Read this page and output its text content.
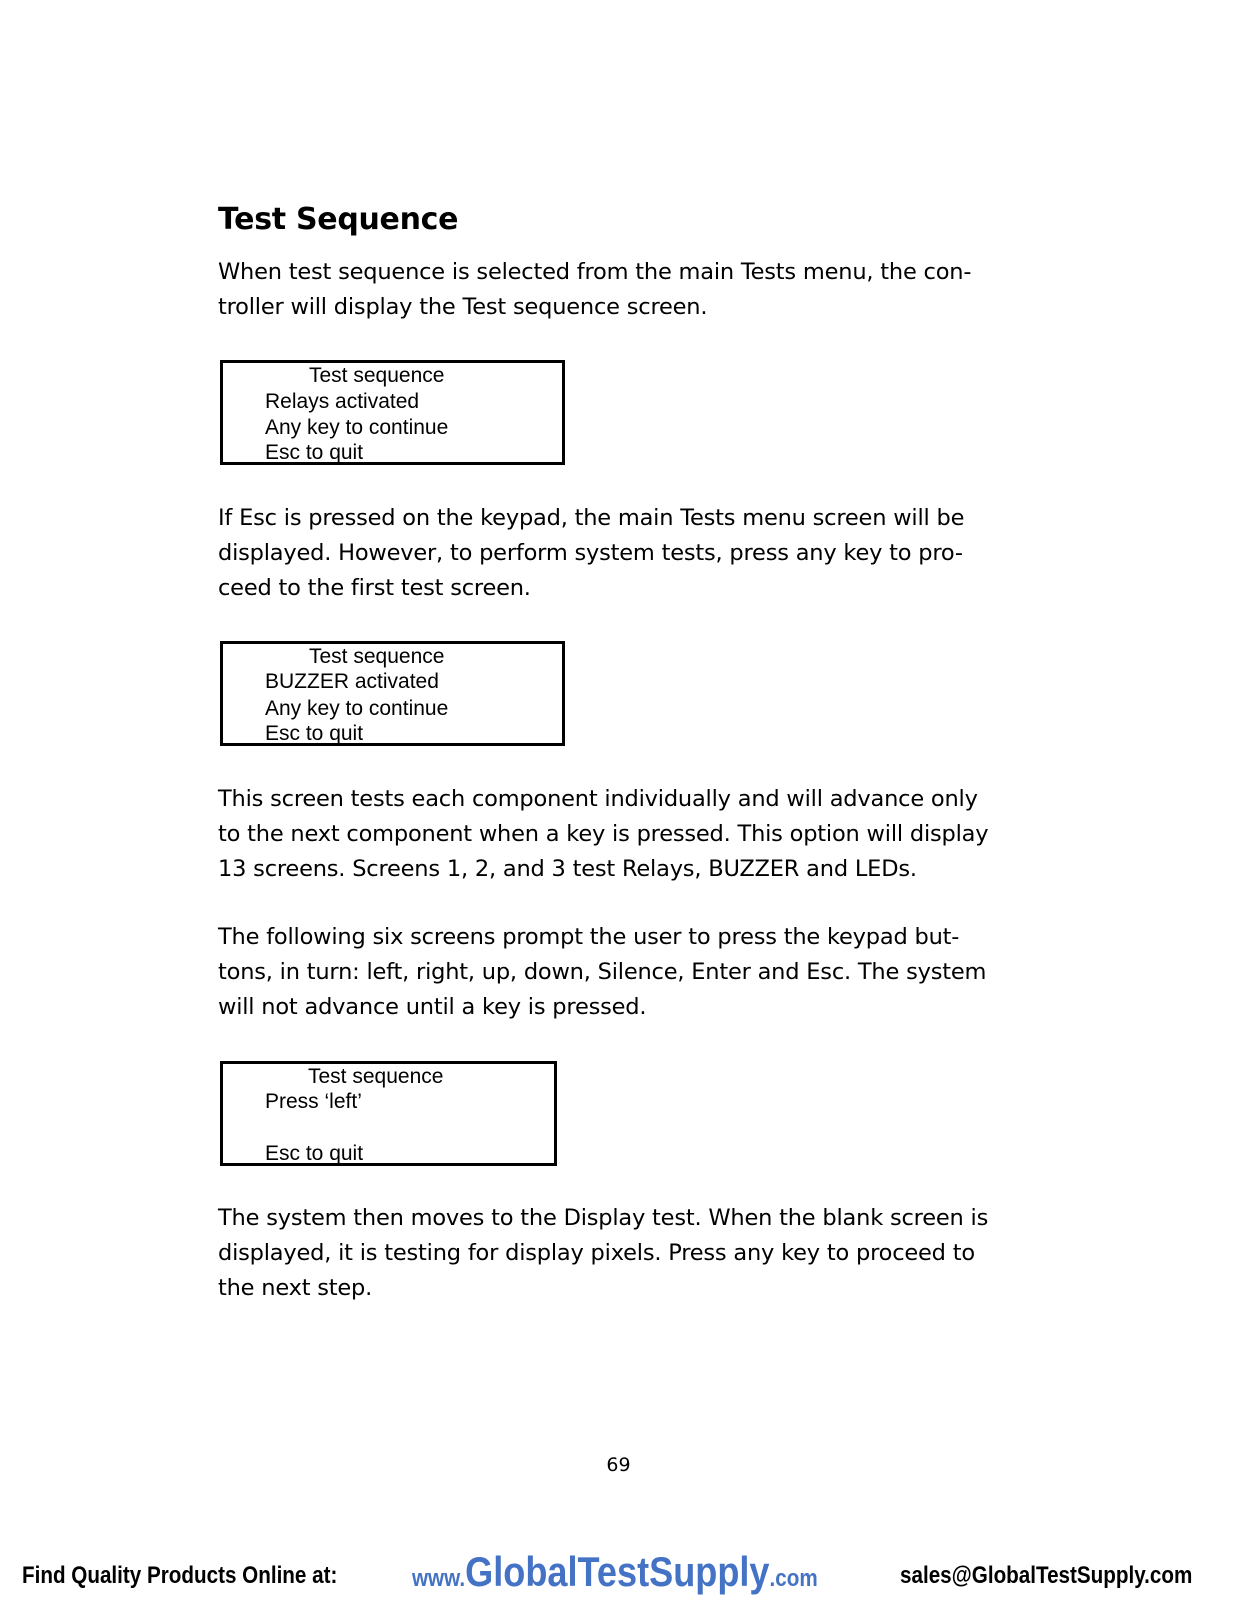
Test Sequence

When test sequence is selected from the main Tests menu, the con-
troller will display the Test sequence screen.

Test sequence
Relays activated
Any key to continue
Esc to quit

If Esc is pressed on the keypad, the main Tests menu screen will be
displayed. However, to perform system tests, press any key to pro-
ceed to the first test screen.

Test sequence
BUZZER activated
Any key to continue
Esc to quit

This screen tests each component individually and will advance only
to the next component when a key is pressed. This option will display
13 screens. Screens 1, 2, and 3 test Relays, BUZZER and LEDs.

The following six screens prompt the user to press the keypad but-
tons, in turn: left, right, up, down, Silence, Enter and Esc. The system
will not advance until a key is pressed.

Test sequence
Press ‘left’
Esc to quit

The system then moves to the Display test. When the blank screen is
displayed, it is testing for display pixels. Press any key to proceed to
the next step.

69
Find Quality Products Online at:	www.GlobalTestSupply.com	sales@GlobalTestSupply.com
